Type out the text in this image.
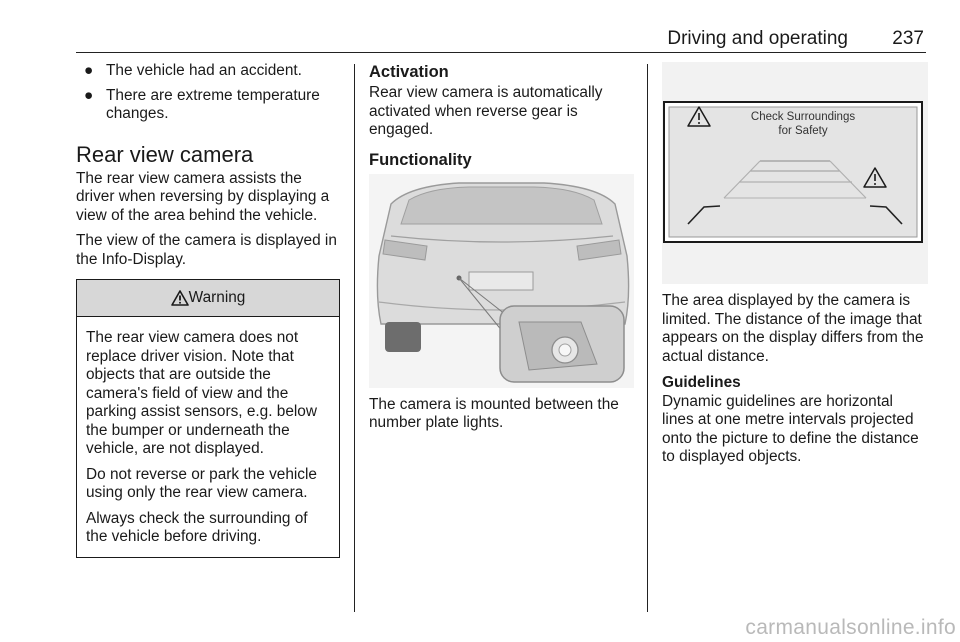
Driving and operating 237
● The vehicle had an accident.
● There are extreme temperature changes.
Rear view camera

The rear view camera assists the driver when reversing by displaying a view of the area behind the vehicle.

The view of the camera is displayed in the Info-Display.

Warning

The rear view camera does not replace driver vision. Note that objects that are outside the camera's field of view and the parking assist sensors, e.g. below the bumper or underneath the vehicle, are not displayed.

Do not reverse or park the vehicle using only the rear view camera.

Always check the surrounding of the vehicle before driving.

Activation

Rear view camera is automatically activated when reverse gear is engaged.

Functionality

The camera is mounted between the number plate lights.

Check Surroundings
for Safety

The area displayed by the camera is limited. The distance of the image that appears on the display differs from the actual distance.

Guidelines

Dynamic guidelines are horizontal lines at one metre intervals projected onto the picture to define the distance to displayed objects.

carmanualsonline.info
